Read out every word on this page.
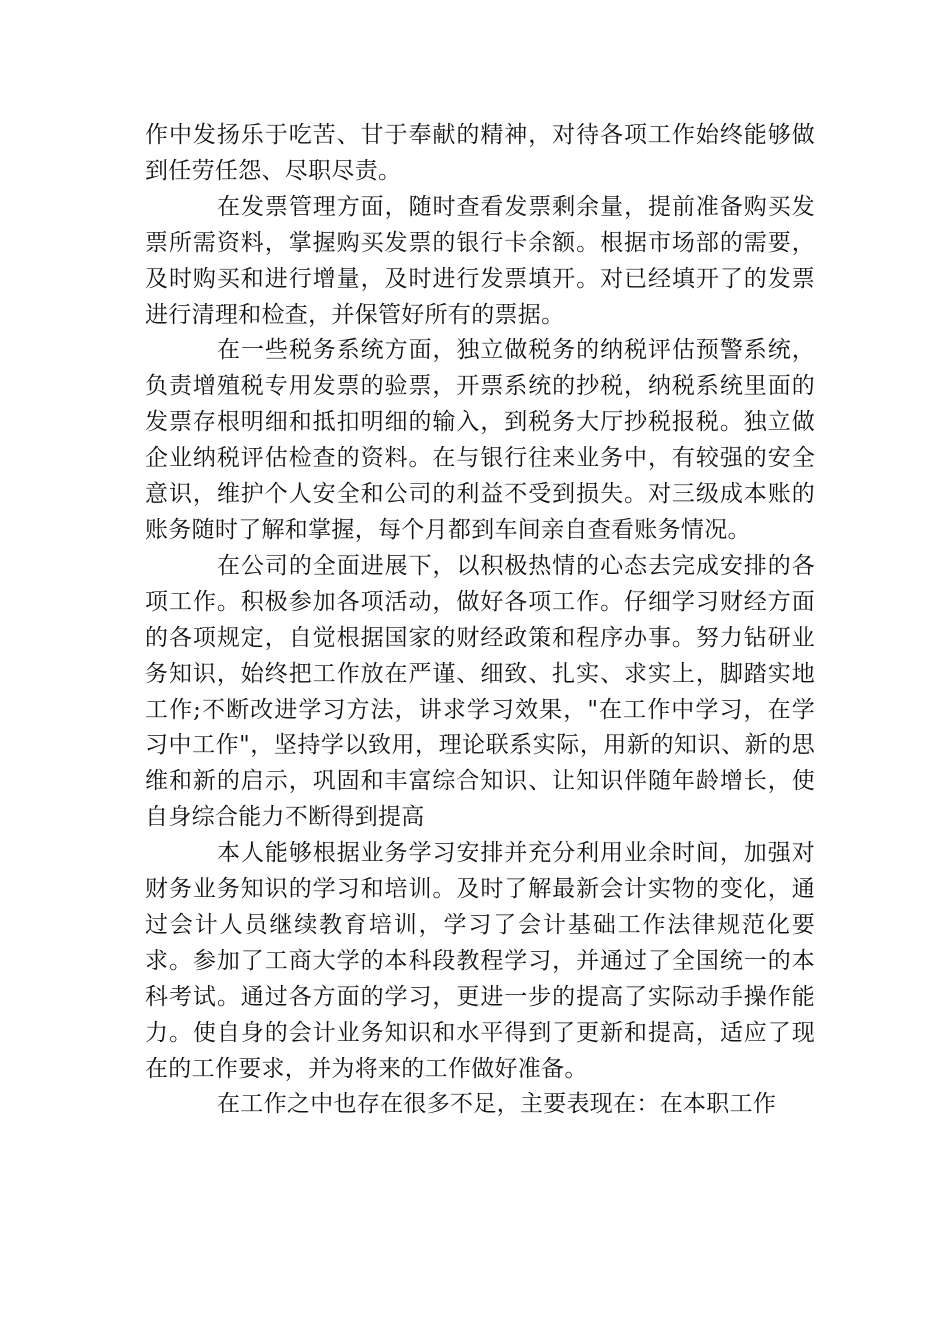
作中发扬乐于吃苦、甘于奉献的精神，对待各项工作始终能够做到任劳任怨、尽职尽责。

在发票管理方面，随时查看发票剩余量，提前准备购买发票所需资料，掌握购买发票的银行卡余额。根据市场部的需要，及时购买和进行增量，及时进行发票填开。对已经填开了的发票进行清理和检查，并保管好所有的票据。

在一些税务系统方面，独立做税务的纳税评估预警系统，负责增殖税专用发票的验票，开票系统的抄税，纳税系统里面的发票存根明细和抵扣明细的输入，到税务大厅抄税报税。独立做企业纳税评估检查的资料。在与银行往来业务中，有较强的安全意识，维护个人安全和公司的利益不受到损失。对三级成本账的账务随时了解和掌握，每个月都到车间亲自查看账务情况。

在公司的全面进展下，以积极热情的心态去完成安排的各项工作。积极参加各项活动，做好各项工作。仔细学习财经方面的各项规定，自觉根据国家的财经政策和程序办事。努力钻研业务知识，始终把工作放在严谨、细致、扎实、求实上，脚踏实地工作;不断改进学习方法，讲求学习效果，"在工作中学习，在学习中工作"，坚持学以致用，理论联系实际，用新的知识、新的思维和新的启示，巩固和丰富综合知识、让知识伴随年龄增长，使自身综合能力不断得到提高

本人能够根据业务学习安排并充分利用业余时间，加强对财务业务知识的学习和培训。及时了解最新会计实物的变化，通过会计人员继续教育培训，学习了会计基础工作法律规范化要求。参加了工商大学的本科段教程学习，并通过了全国统一的本科考试。通过各方面的学习，更进一步的提高了实际动手操作能力。使自身的会计业务知识和水平得到了更新和提高，适应了现在的工作要求，并为将来的工作做好准备。

在工作之中也存在很多不足，主要表现在：在本职工作
